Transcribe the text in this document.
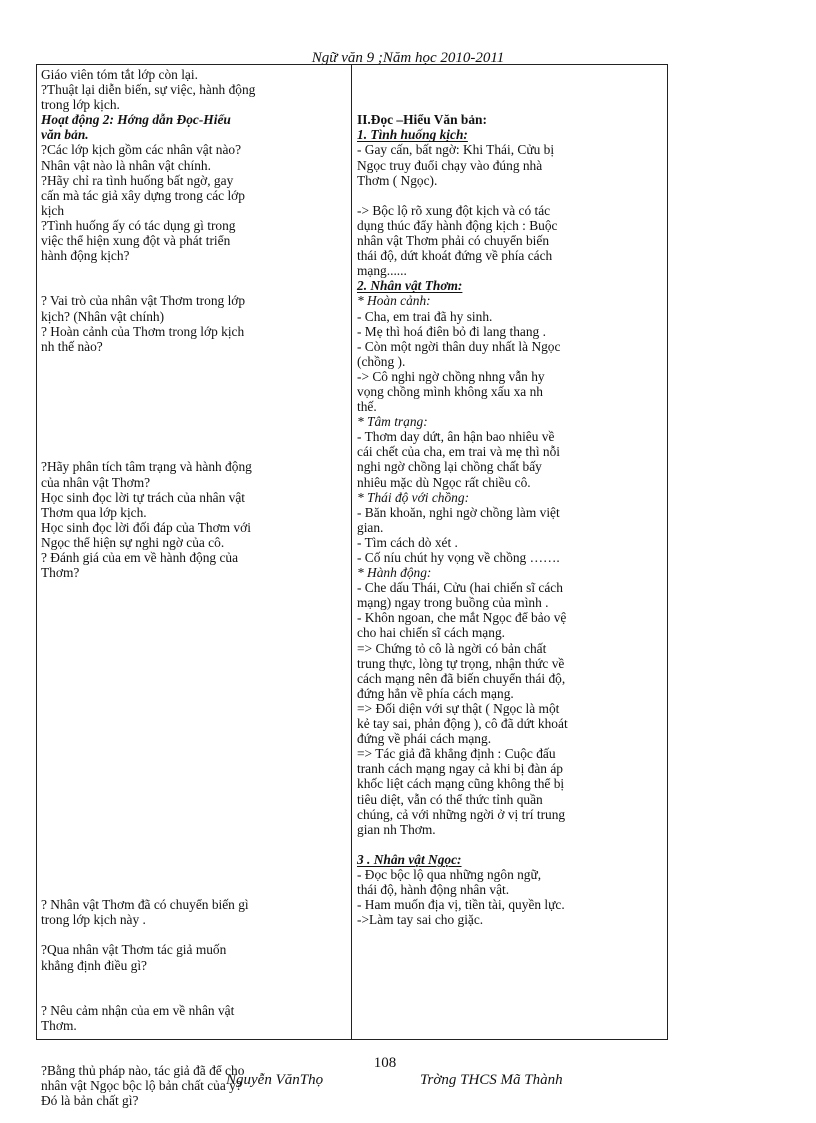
Ngữ văn 9 ;Năm học 2010-2011
Giáo viên tóm tắt lớp còn lại.
?Thuật lại diễn biến, sự việc, hành động
trong lớp kịch.
Hoạt động 2: Hớng dẫn Đọc-Hiểu
văn bản.
?Các lớp kịch gồm các nhân vật nào?
Nhân vật nào là nhân vật chính.
?Hãy chỉ ra tình huống bất ngờ, gay
cấn mà tác giả xây dựng trong các lớp
kịch
?Tình huống ấy có tác dụng gì trong
việc thể hiện xung đột và phát triển
hành động kịch?
? Vai trò của nhân vật Thơm trong lớp
kịch? (Nhân vật chính)
? Hoàn cảnh của Thơm trong lớp kịch
nh thế nào?
?Hãy phân tích tâm trạng và hành động
của nhân vật Thơm?
Học sinh đọc lời tự trách của nhân vật
Thơm qua lớp kịch.
Học sinh đọc lời đối đáp của Thơm với
Ngọc thể hiện sự nghi ngờ của cô.
? Đánh giá của em về hành động của
Thơm?
? Nhân vật Thơm đã có chuyển biến gì
trong lớp kịch này .
?Qua nhân vật Thơm tác giả muốn
khẳng định điều gì?
? Nêu cảm nhận của em về nhân vật
Thơm.
?Bằng thủ pháp nào, tác giả đã để cho
nhân vật Ngọc bộc lộ bản chất của y?
Đó là bản chất gì?
II.Đọc –Hiểu Văn bản:
1. Tình huống kịch:
- Gay cấn, bất ngờ: Khi Thái, Cửu bị
Ngọc truy đuổi chạy vào đúng nhà
Thơm ( Ngọc).
-> Bộc lộ rõ xung đột kịch và có tác
dụng thúc đẩy hành động kịch : Buộc
nhân vật Thơm phải có chuyển biến
thái độ, dứt khoát đứng về phía cách
mạng......
2. Nhân vật Thơm:
* Hoàn cảnh:
- Cha, em trai đã hy sinh.
- Mẹ thì hoá điên bỏ đi lang thang .
- Còn một ngời thân duy nhất là Ngọc
(chồng ).
-> Cô nghi ngờ chồng nhng vẫn hy
vọng chồng mình không xấu xa nh
thế.
* Tâm trạng:
- Thơm day dứt, ân hận bao nhiêu về
cái chết của cha, em trai và mẹ thì nỗi
nghi ngờ chồng lại chồng chất bấy
nhiêu mặc dù Ngọc rất chiều cô.
* Thái độ với chồng:
- Băn khoăn, nghi ngờ chồng làm việt
gian.
- Tìm cách dò xét .
- Cố níu chút hy vọng về chồng …….
* Hành động:
- Che dấu Thái, Cửu (hai chiến sĩ cách
mạng) ngay trong buồng của mình .
- Khôn ngoan, che mắt Ngọc để bảo vệ
cho hai chiến sĩ cách mạng.
=> Chứng tỏ cô là ngời có bản chất
trung thực, lòng tự trọng, nhận thức về
cách mạng nên đã biến chuyển thái độ,
đứng hẳn về phía cách mạng.
=> Đối diện với sự thật ( Ngọc là một
kẻ tay sai, phản động ), cô đã dứt khoát
đứng về phái cách mạng.
=> Tác giả đã khẳng định : Cuộc đấu
tranh cách mạng ngay cả khi bị đàn áp
khốc liệt cách mạng cũng không thể bị
tiêu diệt, vẫn có thể thức tỉnh quần
chúng, cả với những ngời ở vị trí trung
gian nh Thơm.
3 . Nhân vật Ngọc:
- Đọc bộc lộ qua những ngôn ngữ,
thái độ, hành động nhân vật.
- Ham muốn địa vị, tiền tài, quyền lực.
->Làm tay sai cho giặc.
108
Nguyễn VănThọ	Trờng THCS Mã Thành
